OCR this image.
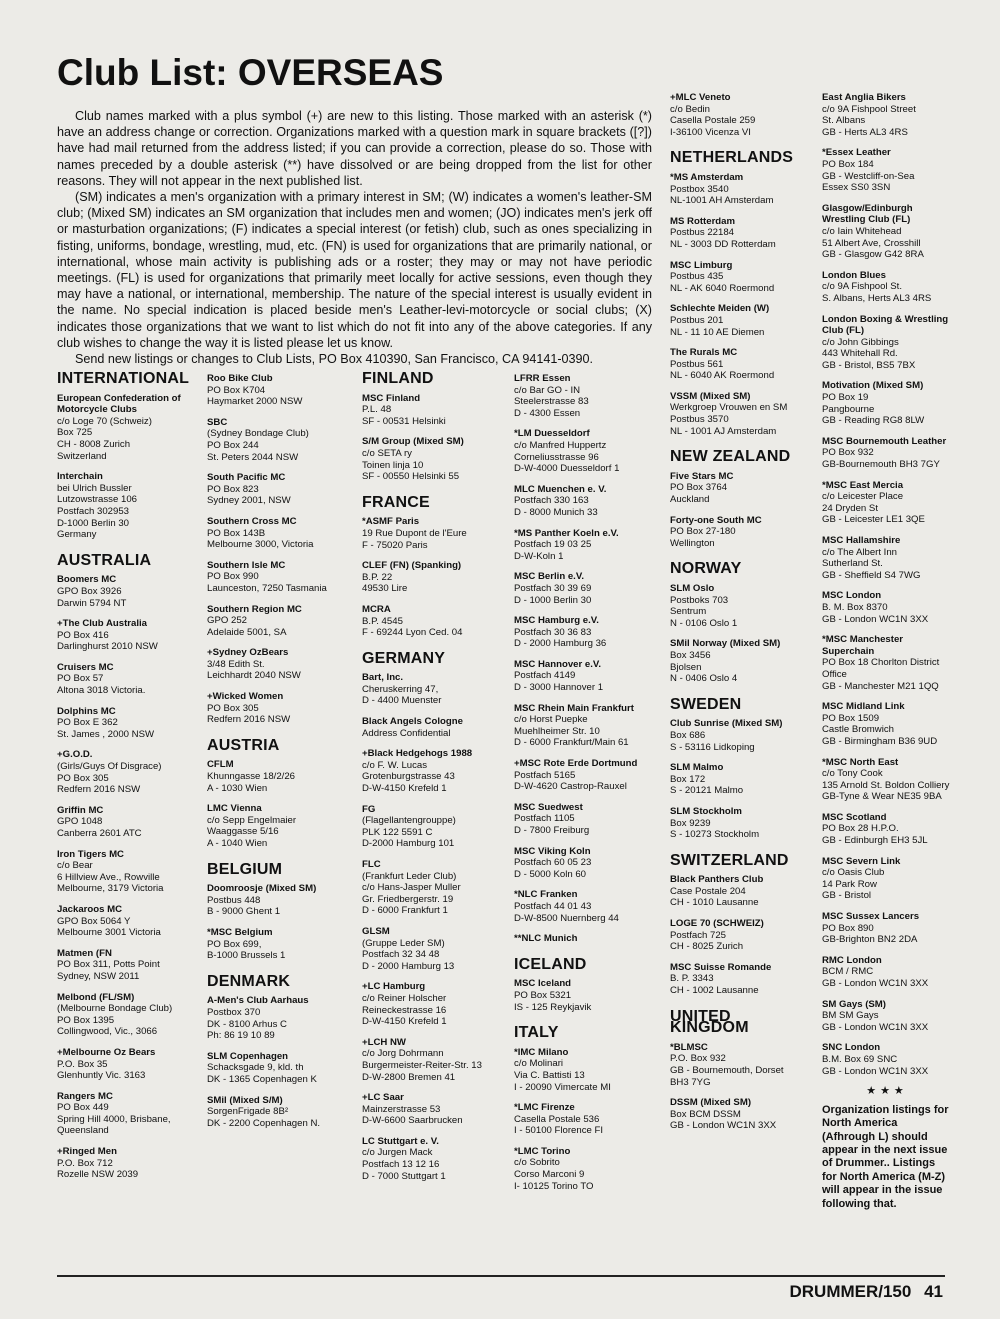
Club List: OVERSEAS

Club names marked with a plus symbol (+) are new to this listing. Those marked with an asterisk (*) have an address change or correction. Organizations marked with a question mark in square brackets ([?]) have had mail returned from the address listed; if you can provide a correction, please do so. Those with names preceded by a double asterisk (**) have dissolved or are being dropped from the list for other reasons. They will not appear in the next published list.

(SM) indicates a men's organization with a primary interest in SM; (W) indicates a women's leather-SM club; (Mixed SM) indicates an SM organization that includes men and women; (JO) indicates men's jerk off or masturbation organizations; (F) indicates a special interest (or fetish) club, such as ones specializing in fisting, uniforms, bondage, wrestling, mud, etc. (FN) is used for organizations that are primarily national, or international, whose main activity is publishing ads or a roster; they may or may not have periodic meetings. (FL) is used for organizations that primarily meet locally for active sessions, even though they may have a national, or international, membership. The nature of the special interest is usually evident in the name. No special indication is placed beside men's Leather-levi-motorcycle or social clubs; (X) indicates those organizations that we want to list which do not fit into any of the above categories. If any club wishes to change the way it is listed please let us know.

Send new listings or changes to Club Lists, PO Box 410390, San Francisco, CA 94141-0390.

INTERNATIONAL
European Confederation of Motorcycle Clubs
c/o Loge 70 (Schweiz)
Box 725
CH - 8008 Zurich
Switzerland
Interchain
bei Ulrich Bussler
Lutzowstrasse 106
Postfach 302953
D-1000 Berlin 30
Germany
AUSTRALIA
Boomers MC
GPO Box 3926
Darwin 5794 NT
+The Club Australia
PO Box 416
Darlinghurst 2010 NSW
Cruisers MC
PO Box 57
Altona 3018 Victoria.
Dolphins MC
PO Box E 362
St. James , 2000 NSW
+G.O.D.
(Girls/Guys Of Disgrace)
PO Box 305
Redfern 2016 NSW
Griffin MC
GPO 1048
Canberra 2601 ATC
Iron Tigers MC
c/o Bear
6 Hillview Ave., Rowville
Melbourne, 3179 Victoria
Jackaroos MC
GPO Box 5064 Y
Melbourne 3001 Victoria
Matmen (FN
PO Box 311, Potts Point
Sydney, NSW 2011
Melbond (FL/SM)
(Melbourne Bondage Club)
PO Box 1395
Collingwood, Vic., 3066
+Melbourne Oz Bears
P.O. Box 35
Glenhuntly Vic. 3163
Rangers MC
PO Box 449
Spring Hill 4000, Brisbane,
Queensland
+Ringed Men
P.O. Box 712
Rozelle NSW 2039
Roo Bike Club
PO Box K704
Haymarket 2000 NSW
SBC
(Sydney Bondage Club)
PO Box 244
St. Peters 2044 NSW
South Pacific MC
PO Box 823
Sydney 2001, NSW
Southern Cross MC
PO Box 143B
Melbourne 3000, Victoria
Southern Isle MC
PO Box 990
Launceston, 7250 Tasmania
Southern Region MC
GPO 252
Adelaide 5001, SA
+Sydney OzBears
3/48 Edith St.
Leichhardt 2040 NSW
+Wicked Women
PO Box 305
Redfern 2016 NSW
AUSTRIA
CFLM
Khunngasse 18/2/26
A - 1030 Wien
LMC Vienna
c/o Sepp Engelmaier
Waaggasse 5/16
A - 1040 Wien
BELGIUM
Doomroosje (Mixed SM)
Postbus 448
B - 9000 Ghent 1
*MSC Belgium
PO Box 699,
B-1000 Brussels 1
DENMARK
A-Men's Club Aarhaus
Postbox 370
DK - 8100 Arhus C
Ph: 86 19 10 89
SLM Copenhagen
Schacksgade 9, kld. th
DK - 1365 Copenhagen K
SMil (Mixed S/M)
SorgenFrigade 8B²
DK - 2200 Copenhagen N.
FINLAND
MSC Finland
P.L. 48
SF - 00531 Helsinki
S/M Group (Mixed SM)
c/o SETA ry
Toinen linja 10
SF - 00550 Helsinki 55
FRANCE
*ASMF Paris
19 Rue Dupont de l'Eure
F - 75020 Paris
CLEF (FN) (Spanking)
B.P. 22
49530 Lire
MCRA
B.P. 4545
F - 69244 Lyon Ced. 04
GERMANY
Bart, Inc.
Cheruskerring 47,
D - 4400 Muenster
Black Angels Cologne
Address Confidential
+Black Hedgehogs 1988
c/o F. W. Lucas
Grotenburgstrasse 43
D-W-4150 Krefeld 1
FG
(Flagellantengrouppe)
PLK 122 5591 C
D-2000 Hamburg 101
FLC
(Frankfurt Leder Club)
c/o Hans-Jasper Muller
Gr. Friedbergerstr. 19
D - 6000 Frankfurt 1
GLSM
(Gruppe Leder SM)
Postfach 32 34 48
D - 2000 Hamburg 13
+LC Hamburg
c/o Reiner Holscher
Reineckestrasse 16
D-W-4150 Krefeld 1
+LCH NW
c/o Jorg Dohrmann
Burgermeister-Reiter-Str. 13
D-W-2800 Bremen 41
+LC Saar
Mainzerstrasse 53
D-W-6600 Saarbrucken
LC Stuttgart e. V.
c/o Jurgen Mack
Postfach 13 12 16
D - 7000 Stuttgart 1
LFRR Essen
c/o Bar GO - IN
Steelerstrasse 83
D - 4300 Essen
*LM Duesseldorf
c/o Manfred Huppertz
Corneliusstrasse 96
D-W-4000 Duesseldorf 1
MLC Muenchen e. V.
Postfach 330 163
D - 8000 Munich 33
*MS Panther Koeln e.V.
Postfach 19 03 25
D-W-Koln 1
MSC Berlin e.V.
Postfach 30 39 69
D - 1000 Berlin 30
MSC Hamburg e.V.
Postfach 30 36 83
D - 2000 Hamburg 36
MSC Hannover e.V.
Postfach 4149
D - 3000 Hannover 1
MSC Rhein Main Frankfurt
c/o Horst Puepke
Muehlheimer Str. 10
D - 6000 Frankfurt/Main 61
+MSC Rote Erde Dortmund
Postfach 5165
D-W-4620 Castrop-Rauxel
MSC Suedwest
Postfach 1105
D - 7800 Freiburg
MSC Viking Koln
Postfach 60 05 23
D - 5000 Koln 60
*NLC Franken
Postfach 44 01 43
D-W-8500 Nuernberg 44
**NLC Munich
ICELAND
MSC Iceland
PO Box 5321
IS - 125 Reykjavik
ITALY
*IMC Milano
c/o Molinari
Via C. Battisti 13
I - 20090 Vimercate MI
*LMC Firenze
Casella Postale 536
I - 50100 Florence FI
*LMC Torino
c/o Sobrito
Corso Marconi 9
I- 10125 Torino TO
+MLC Veneto
c/o Bedin
Casella Postale 259
I-36100 Vicenza VI
NETHERLANDS
*MS Amsterdam
Postbox 3540
NL-1001 AH Amsterdam
MS Rotterdam
Postbus 22184
NL - 3003 DD Rotterdam
MSC Limburg
Postbus 435
NL - AK 6040 Roermond
Schlechte Meiden (W)
Postbus 201
NL - 11 10 AE Diemen
The Rurals MC
Postbus 561
NL - 6040 AK Roermond
VSSM (Mixed SM)
Werkgroep Vrouwen en SM
Postbus 3570
NL - 1001 AJ Amsterdam
NEW ZEALAND
Five Stars MC
PO Box 3764
Auckland
Forty-one South MC
PO Box 27-180
Wellington
NORWAY
SLM Oslo
Postboks 703
Sentrum
N - 0106 Oslo 1
SMil Norway (Mixed SM)
Box 3456
Bjolsen
N - 0406 Oslo 4
SWEDEN
Club Sunrise (Mixed SM)
Box 686
S - 53116 Lidkoping
SLM Malmo
Box 172
S - 20121 Malmo
SLM Stockholm
Box 9239
S - 10273 Stockholm
SWITZERLAND
Black Panthers Club
Case Postale 204
CH - 1010 Lausanne
LOGE 70 (SCHWEIZ)
Postfach 725
CH - 8025 Zurich
MSC Suisse Romande
B. P. 3343
CH - 1002 Lausanne
UNITED KINGDOM
*BLMSC
P.O. Box 932
GB - Bournemouth, Dorset
BH3 7YG
DSSM (Mixed SM)
Box BCM DSSM
GB - London WC1N 3XX
East Anglia Bikers
c/o 9A Fishpool Street
St. Albans
GB - Herts AL3 4RS
*Essex Leather
PO Box 184
GB - Westcliff-on-Sea
Essex SS0 3SN
Glasgow/Edinburgh Wrestling Club (FL)
c/o Iain Whitehead
51 Albert Ave, Crosshill
GB - Glasgow G42 8RA
London Blues
c/o 9A Fishpool St.
S. Albans, Herts AL3 4RS
London Boxing & Wrestling Club (FL)
c/o John Gibbings
443 Whitehall Rd.
GB - Bristol, BS5 7BX
Motivation (Mixed SM)
PO Box 19
Pangbourne
GB - Reading RG8 8LW
MSC Bournemouth Leather
PO Box 932
GB-Bournemouth BH3 7GY
*MSC East Mercia
c/o Leicester Place
24 Dryden St
GB - Leicester LE1 3QE
MSC Hallamshire
c/o The Albert Inn
Sutherland St.
GB - Sheffield S4 7WG
MSC London
B. M. Box 8370
GB - London WC1N 3XX
*MSC Manchester Superchain
PO Box 18 Chorlton District Office
GB - Manchester M21 1QQ
MSC Midland Link
PO Box 1509
Castle Bromwich
GB - Birmingham B36 9UD
*MSC North East
c/o Tony Cook
135 Arnold St. Boldon Colliery
GB-Tyne & Wear NE35 9BA
MSC Scotland
PO Box 28 H.P.O.
GB - Edinburgh EH3 5JL
MSC Severn Link
c/o Oasis Club
14 Park Row
GB - Bristol
MSC Sussex Lancers
PO Box 890
GB-Brighton BN2 2DA
RMC London
BCM / RMC
GB - London WC1N 3XX
SM Gays (SM)
BM SM Gays
GB - London WC1N 3XX
SNC London
B.M. Box 69 SNC
GB - London WC1N 3XX
★★★
Organization listings for North America (Afhrough L) should appear in the next issue of Drummer.. Listings for North America (M-Z) will appear in the issue following that.
DRUMMER/150 41
